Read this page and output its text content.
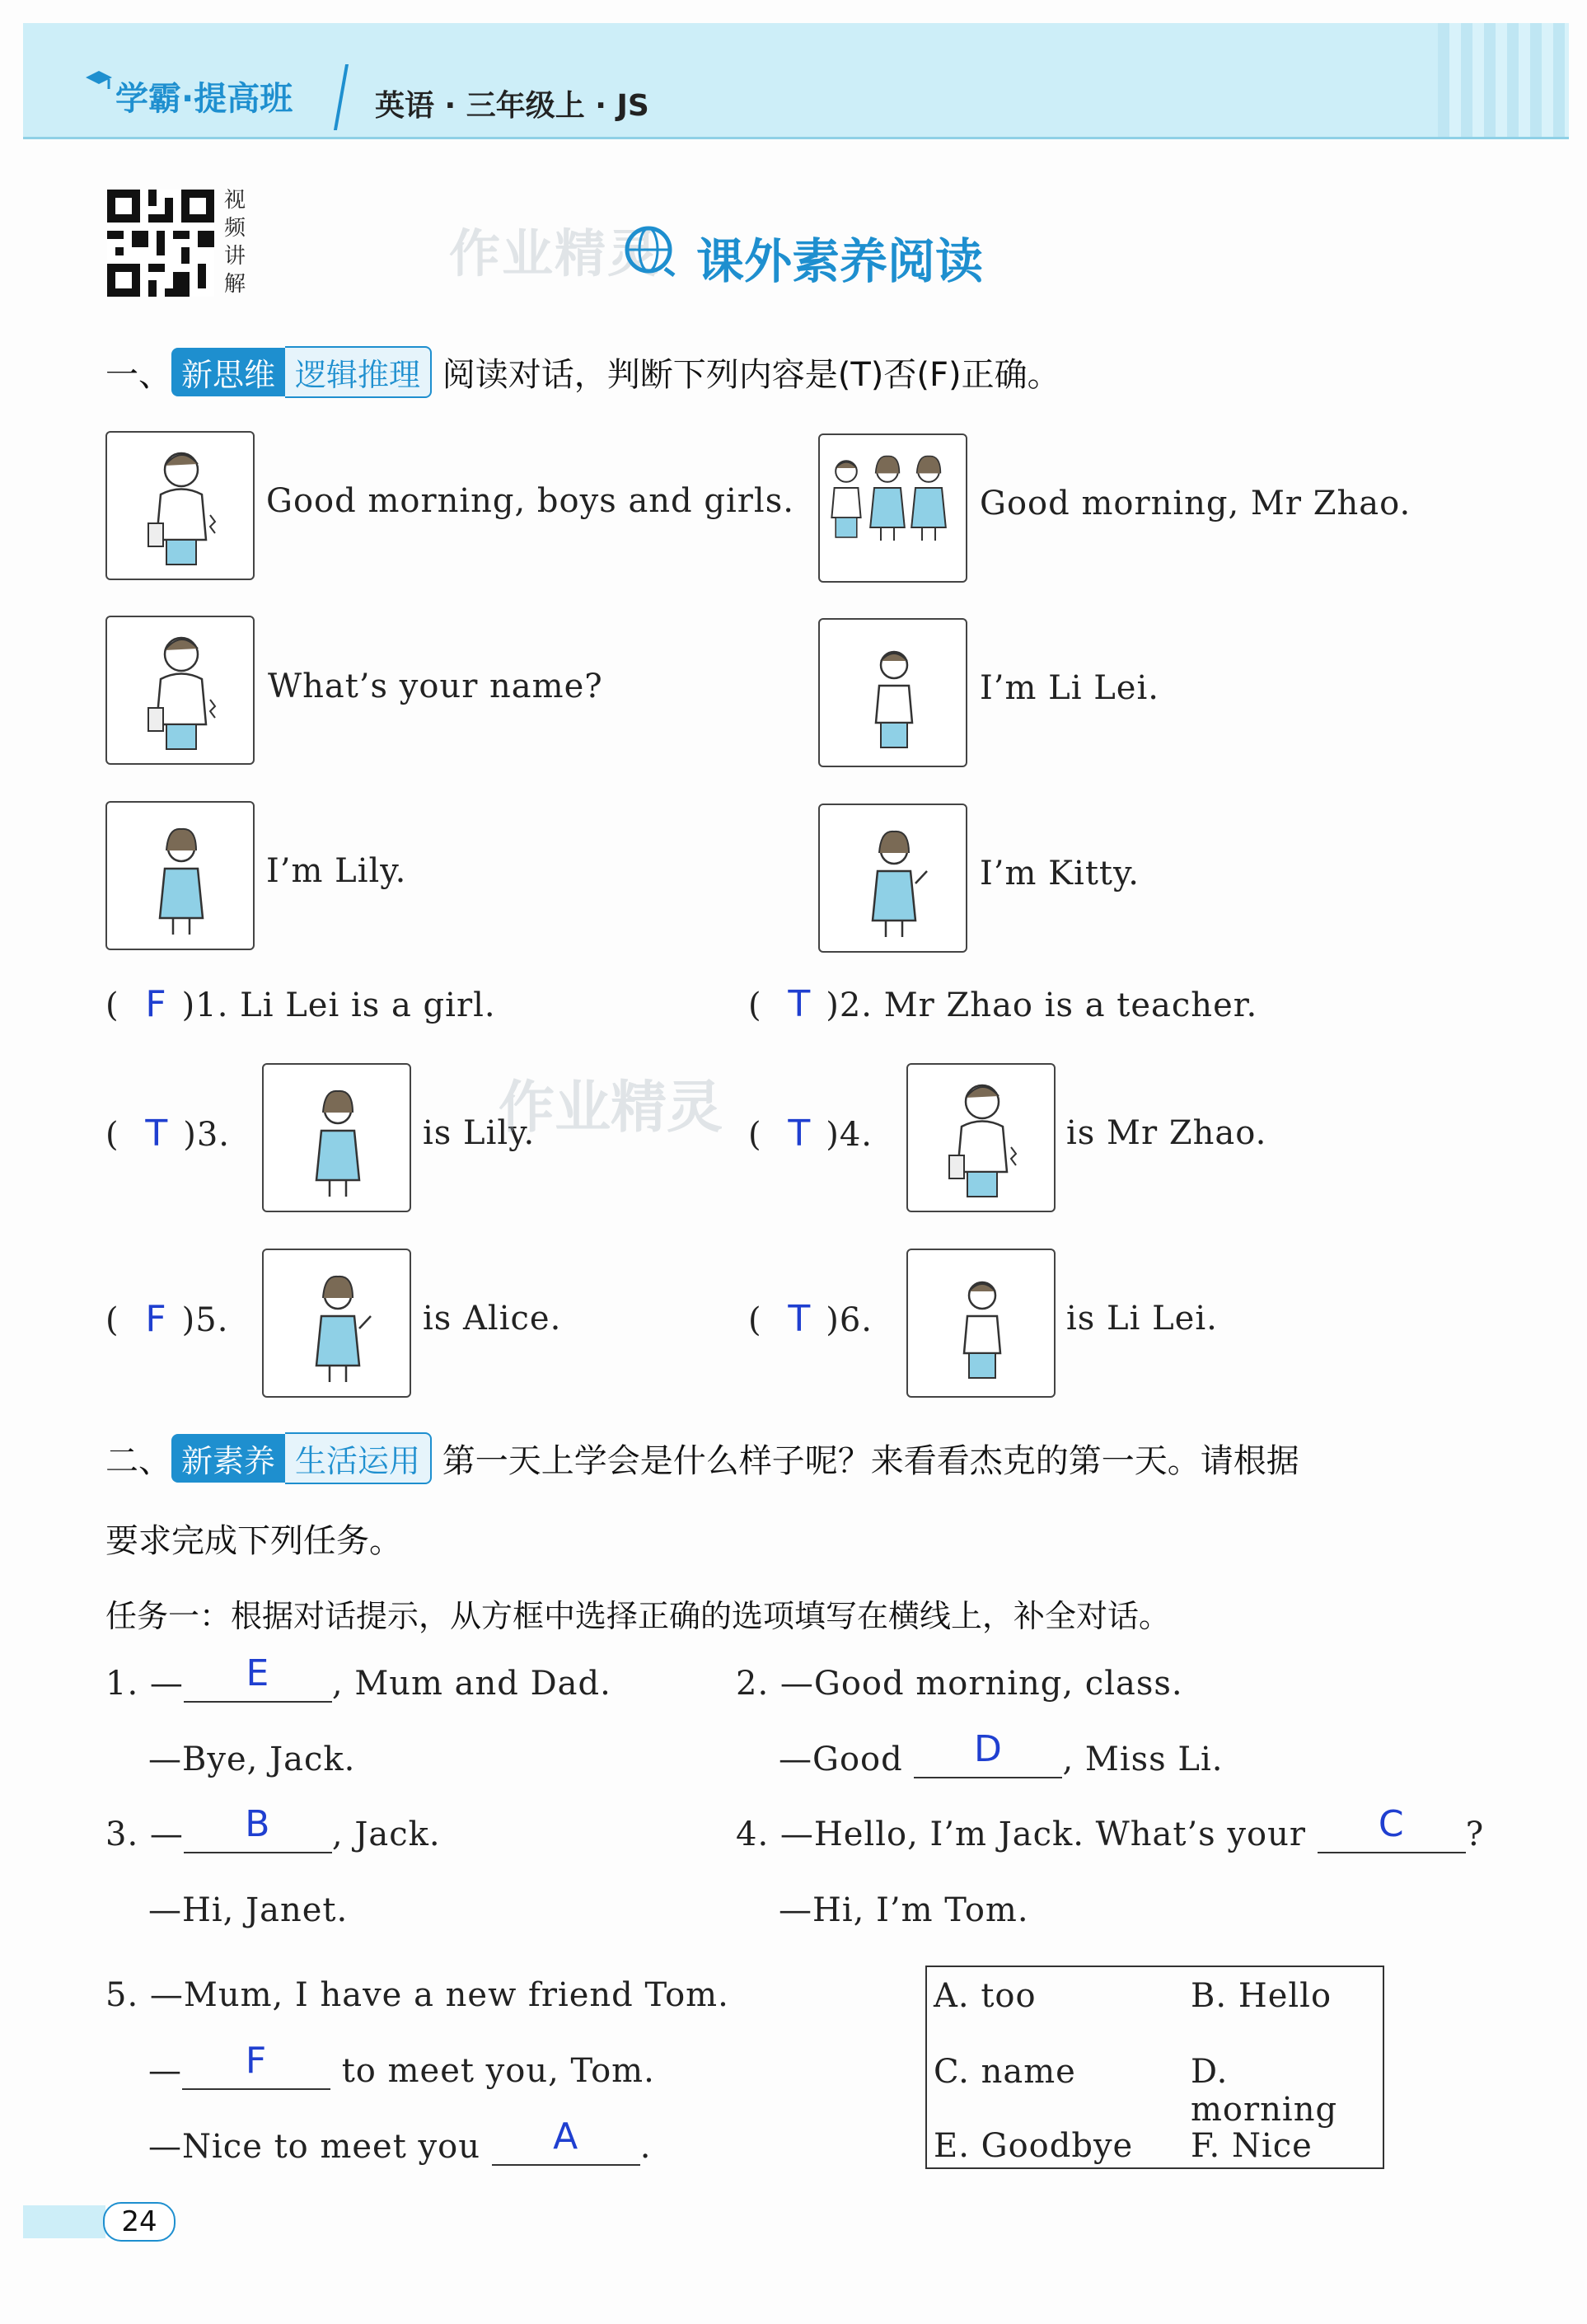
学霸·提高班	英语 · 三年级上 · JS
视频讲解
作业精灵 课外素养阅读
一、 新思维 逻辑推理 阅读对话，判断下列内容是(T)否(F)正确。
Good morning, boys and girls.	Good morning, Mr Zhao.
What’s your name?	I’m Li Lei.
I’m Lily.	I’m Kitty.
( F )1. Li Lei is a girl.	( T )2. Mr Zhao is a teacher.
( T )3.	is Lily.
作业精灵 ( T )4.	is Mr Zhao.
( F )5.	is Alice.	( T )6.	is Li Lei.
二、 新素养 生活运用 第一天上学会是什么样子呢？来看看杰克的第一天。请根据
要求完成下列任务。
任务一：根据对话提示，从方框中选择正确的选项填写在横线上，补全对话。
1. —	E	, Mum and Dad.
—Bye, Jack.
2. —Good morning, class.
—Good	D	, Miss Li.
3. —	B	, Jack.
—Hi, Janet.
4. —Hello, I’m Jack. What’s your	C	?
—Hi, I’m Tom.
5. —Mum, I have a new friend Tom.
—	F	to meet you, Tom.
—Nice to meet you	A	.
A. too	B. Hello
C. name	D. morning
E. Goodbye F. Nice
24
